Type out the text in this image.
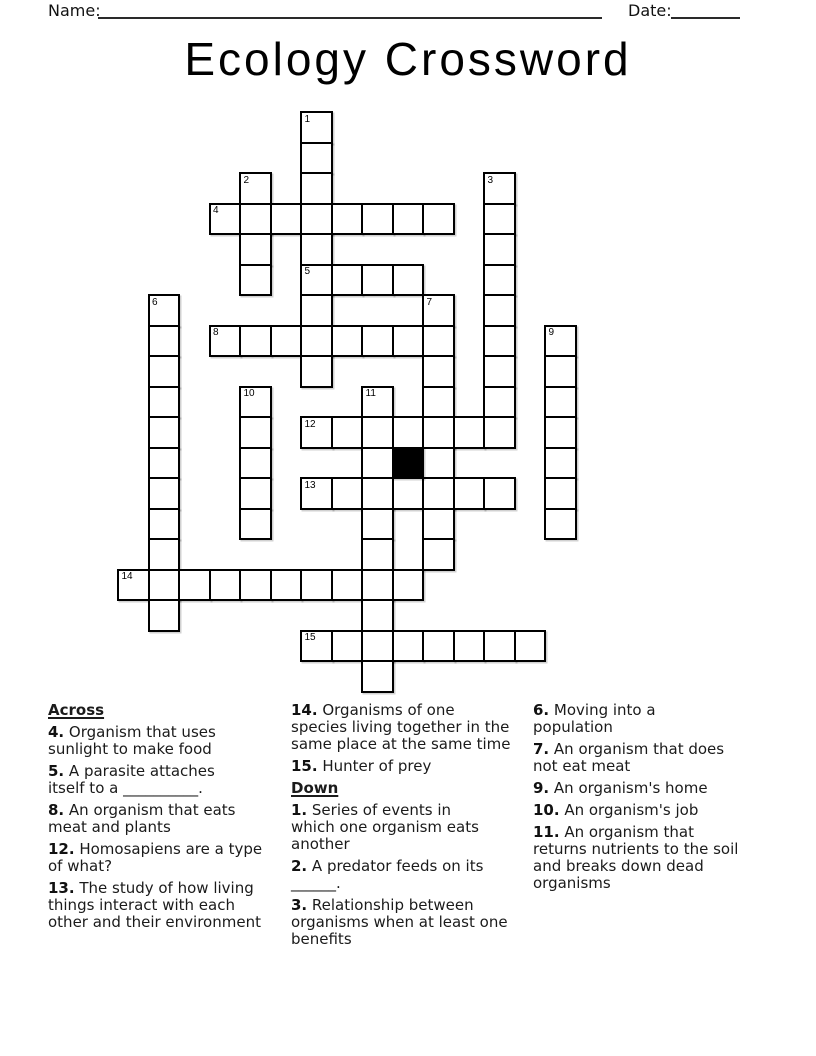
Name:	Date:
Ecology Crossword
1
2	3
4
5
6	7
8	9
10	11
12
13
14
15
Across
4. Organism that uses
sunlight to make food
5. A parasite attaches
itself to a __________.
8. An organism that eats
meat and plants
12. Homosapiens are a type
of what?
13. The study of how living
things interact with each
other and their environment
14. Organisms of one
species living together in the
same place at the same time
15. Hunter of prey
Down
1. Series of events in
which one organism eats
another
2. A predator feeds on its
______.
3. Relationship between
organisms when at least one
benefits
6. Moving into a
population
7. An organism that does
not eat meat
9. An organism's home
10. An organism's job
11. An organism that
returns nutrients to the soil
and breaks down dead
organisms
